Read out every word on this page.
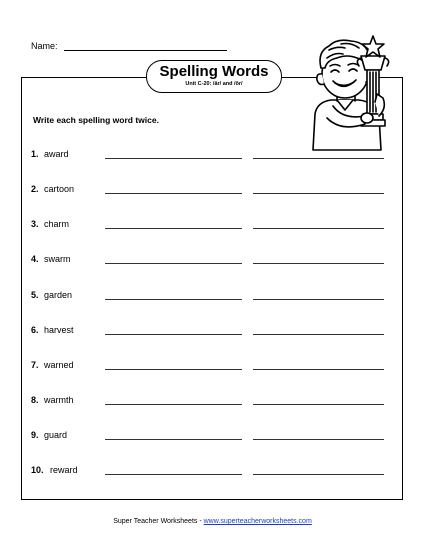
Name:
Spelling Words
Unit C-20: /är/ and /ôr/
Write each spelling word twice.
1. award
2. cartoon
3. charm
4. swarm
5. garden
6. harvest
7. warned
8. warmth
9. guard
10. reward
Super Teacher Worksheets - www.superteacherworksheets.com
